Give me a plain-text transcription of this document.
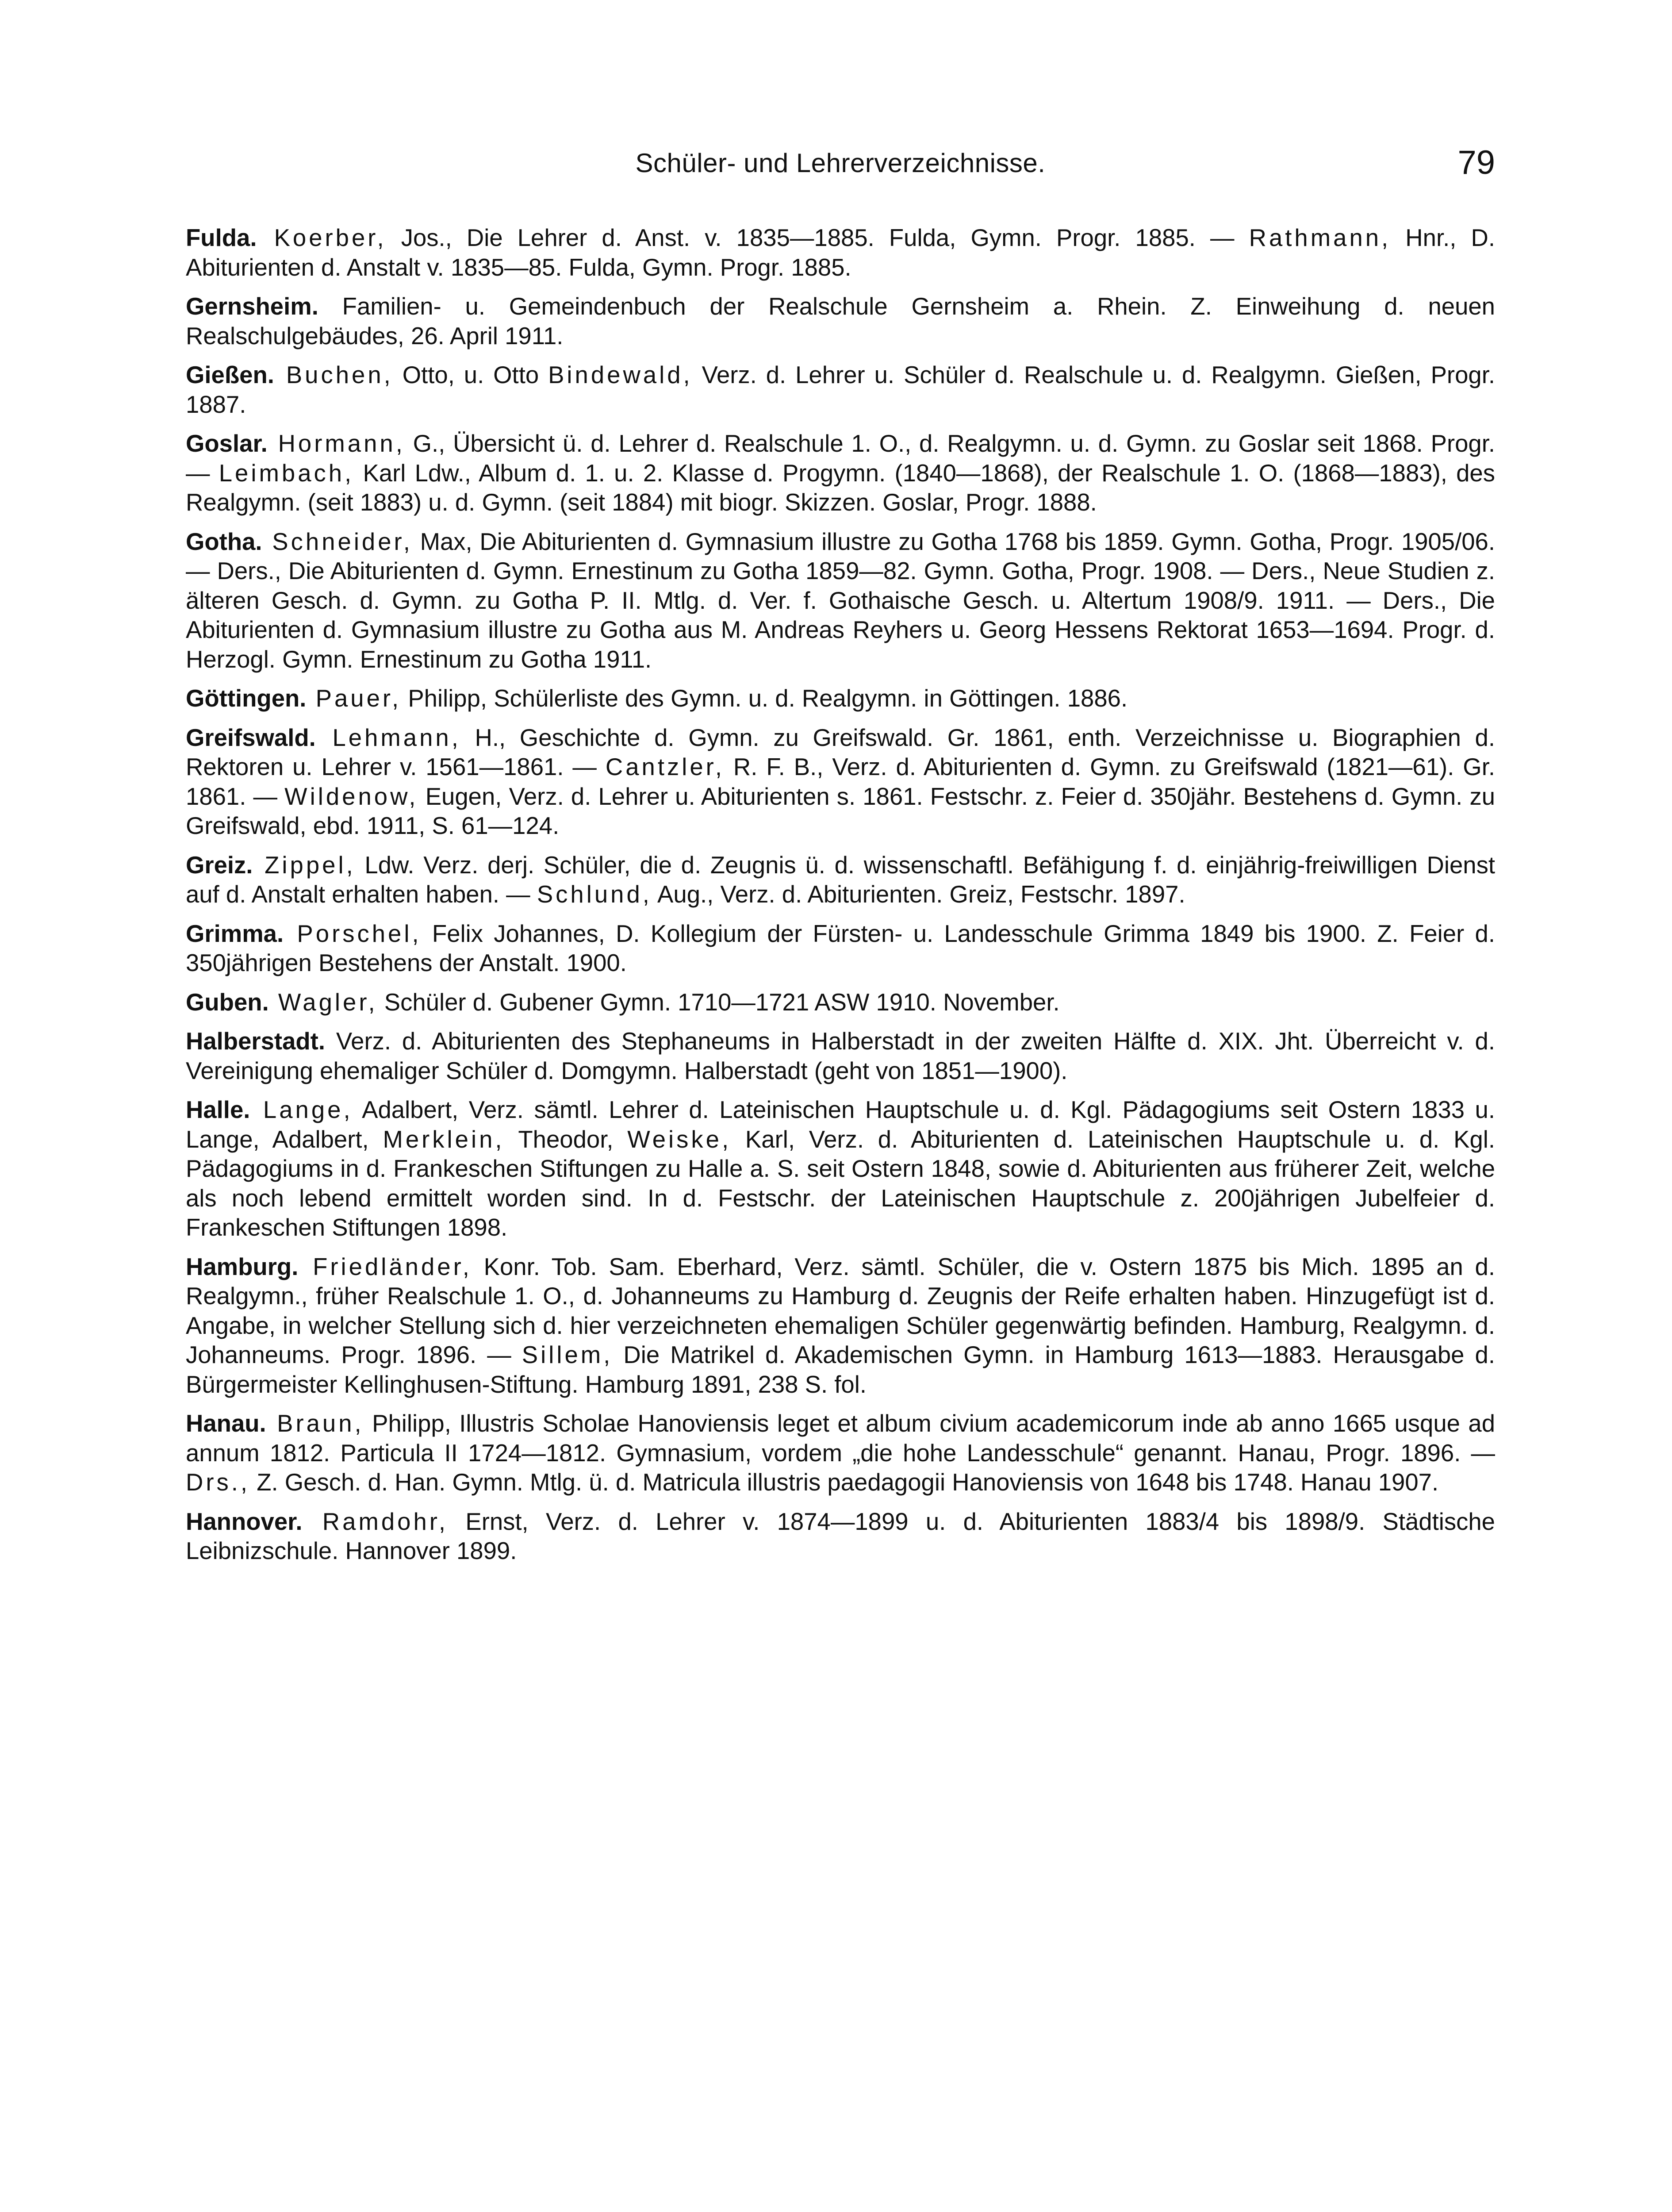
Schüler- und Lehrerverzeichnisse.	79

Fulda. Koerber, Jos., Die Lehrer d. Anst. v. 1835—1885. Fulda, Gymn. Progr. 1885. — Rathmann, Hnr., D. Abiturienten d. Anstalt v. 1835—85. Fulda, Gymn. Progr. 1885.

Gernsheim. Familien- u. Gemeindenbuch der Realschule Gernsheim a. Rhein. Z. Einweihung d. neuen Realschulgebäudes, 26. April 1911.

Gießen. Buchen, Otto, u. Otto Bindewald, Verz. d. Lehrer u. Schüler d. Realschule u. d. Realgymn. Gießen, Progr. 1887.

Goslar. Hormann, G., Übersicht ü. d. Lehrer d. Realschule 1. O., d. Realgymn. u. d. Gymn. zu Goslar seit 1868. Progr. — Leimbach, Karl Ldw., Album d. 1. u. 2. Klasse d. Progymn. (1840—1868), der Realschule 1. O. (1868—1883), des Realgymn. (seit 1883) u. d. Gymn. (seit 1884) mit biogr. Skizzen. Goslar, Progr. 1888.

Gotha. Schneider, Max, Die Abiturienten d. Gymnasium illustre zu Gotha 1768 bis 1859. Gymn. Gotha, Progr. 1905/06. — Ders., Die Abiturienten d. Gymn. Ernestinum zu Gotha 1859—82. Gymn. Gotha, Progr. 1908. — Ders., Neue Studien z. älteren Gesch. d. Gymn. zu Gotha P. II. Mtlg. d. Ver. f. Gothaische Gesch. u. Altertum 1908/9. 1911. — Ders., Die Abiturienten d. Gymnasium illustre zu Gotha aus M. Andreas Reyhers u. Georg Hessens Rektorat 1653—1694. Progr. d. Herzogl. Gymn. Ernestinum zu Gotha 1911.

Göttingen. Pauer, Philipp, Schülerliste des Gymn. u. d. Realgymn. in Göttingen. 1886.

Greifswald. Lehmann, H., Geschichte d. Gymn. zu Greifswald. Gr. 1861, enth. Verzeichnisse u. Biographien d. Rektoren u. Lehrer v. 1561—1861. — Cantzler, R. F. B., Verz. d. Abiturienten d. Gymn. zu Greifswald (1821—61). Gr. 1861. — Wildenow, Eugen, Verz. d. Lehrer u. Abiturienten s. 1861. Festschr. z. Feier d. 350jähr. Bestehens d. Gymn. zu Greifswald, ebd. 1911, S. 61—124.

Greiz. Zippel, Ldw. Verz. derj. Schüler, die d. Zeugnis ü. d. wissenschaftl. Befähigung f. d. einjährig-freiwilligen Dienst auf d. Anstalt erhalten haben. — Schlund, Aug., Verz. d. Abiturienten. Greiz, Festschr. 1897.

Grimma. Porschel, Felix Johannes, D. Kollegium der Fürsten- u. Landesschule Grimma 1849 bis 1900. Z. Feier d. 350jährigen Bestehens der Anstalt. 1900.

Guben. Wagler, Schüler d. Gubener Gymn. 1710—1721 ASW 1910. November.

Halberstadt. Verz. d. Abiturienten des Stephaneums in Halberstadt in der zweiten Hälfte d. XIX. Jht. Überreicht v. d. Vereinigung ehemaliger Schüler d. Domgymn. Halberstadt (geht von 1851—1900).

Halle. Lange, Adalbert, Verz. sämtl. Lehrer d. Lateinischen Hauptschule u. d. Kgl. Pädagogiums seit Ostern 1833 u. Lange, Adalbert, Merklein, Theodor, Weiske, Karl, Verz. d. Abiturienten d. Lateinischen Hauptschule u. d. Kgl. Pädagogiums in d. Frankeschen Stiftungen zu Halle a. S. seit Ostern 1848, sowie d. Abiturienten aus früherer Zeit, welche als noch lebend ermittelt worden sind. In d. Festschr. der Lateinischen Hauptschule z. 200jährigen Jubelfeier d. Frankeschen Stiftungen 1898.

Hamburg. Friedländer, Konr. Tob. Sam. Eberhard, Verz. sämtl. Schüler, die v. Ostern 1875 bis Mich. 1895 an d. Realgymn., früher Realschule 1. O., d. Johanneums zu Hamburg d. Zeugnis der Reife erhalten haben. Hinzugefügt ist d. Angabe, in welcher Stellung sich d. hier verzeichneten ehemaligen Schüler gegenwärtig befinden. Hamburg, Realgymn. d. Johanneums. Progr. 1896. — Sillem, Die Matrikel d. Akademischen Gymn. in Hamburg 1613—1883. Herausgabe d. Bürgermeister Kellinghusen-Stiftung. Hamburg 1891, 238 S. fol.

Hanau. Braun, Philipp, Illustris Scholae Hanoviensis leget et album civium academicorum inde ab anno 1665 usque ad annum 1812. Particula II 1724—1812. Gymnasium, vordem „die hohe Landesschule“ genannt. Hanau, Progr. 1896. — Drs., Z. Gesch. d. Han. Gymn. Mtlg. ü. d. Matricula illustris paedagogii Hanoviensis von 1648 bis 1748. Hanau 1907.

Hannover. Ramdohr, Ernst, Verz. d. Lehrer v. 1874—1899 u. d. Abiturienten 1883/4 bis 1898/9. Städtische Leibnizschule. Hannover 1899.
